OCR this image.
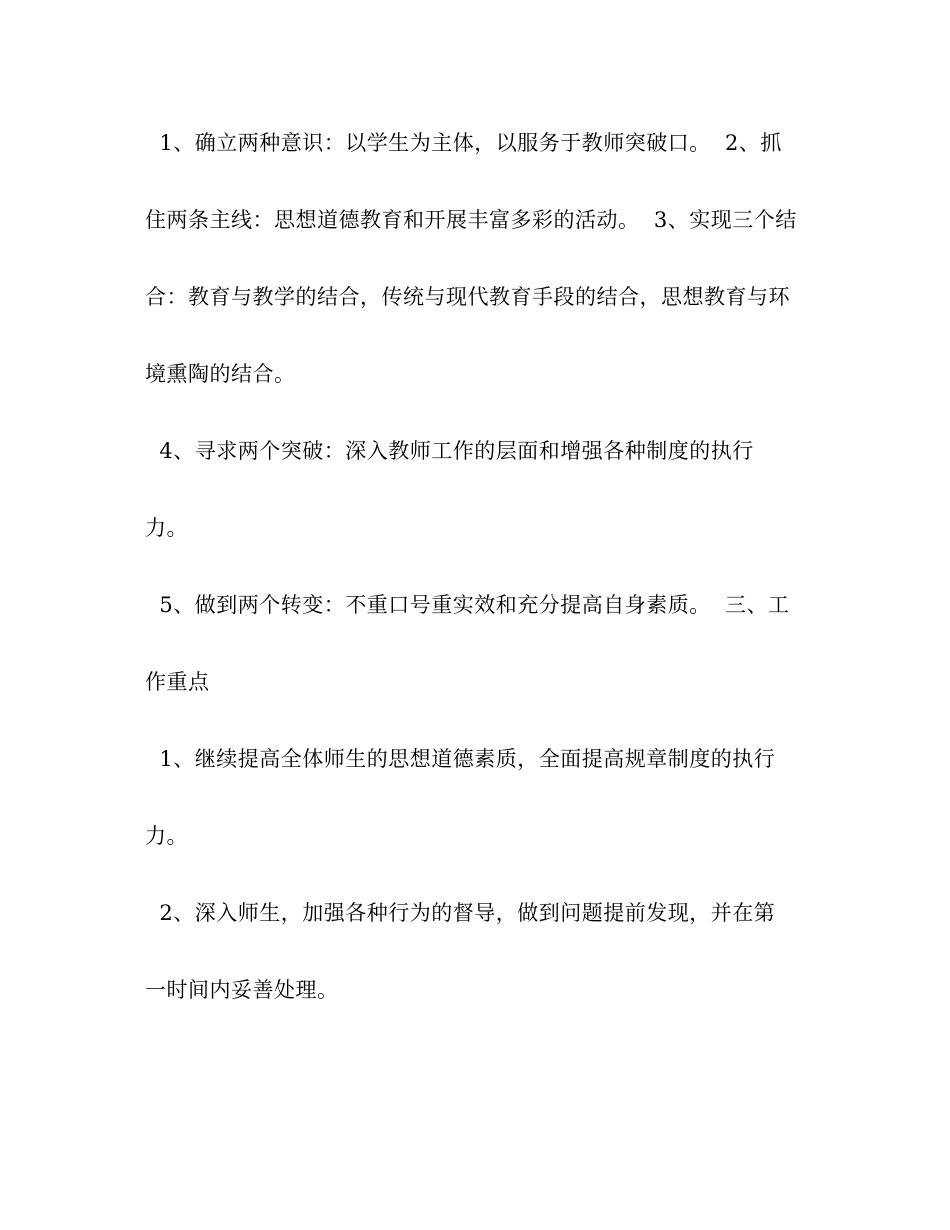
1、确立两种意识：以学生为主体，以服务于教师突破口。  2、抓

住两条主线：思想道德教育和开展丰富多彩的活动。  3、实现三个结

合：教育与教学的结合，传统与现代教育手段的结合，思想教育与环

境熏陶的结合。

4、寻求两个突破：深入教师工作的层面和增强各种制度的执行

力。

5、做到两个转变：不重口号重实效和充分提高自身素质。  三、工

作重点

1、继续提高全体师生的思想道德素质，全面提高规章制度的执行

力。

2、深入师生，加强各种行为的督导，做到问题提前发现，并在第

一时间内妥善处理。
